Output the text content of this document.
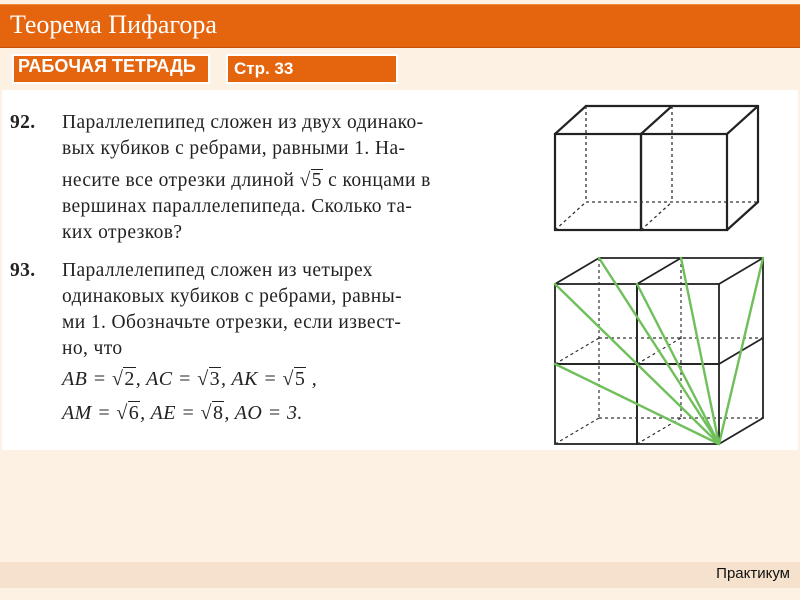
Теорема Пифагора
РАБОЧАЯ ТЕТРАДЬ	Стр. 33
92. Параллелепипед сложен из двух одинако-
вых кубиков с ребрами, равными 1. На-
несите все отрезки длиной √5 с концами в
вершинах параллелепипеда. Сколько та-
ких отрезков?
93. Параллелепипед сложен из четырех
одинаковых кубиков с ребрами, равны-
ми 1. Обозначьте отрезки, если извест-
но, что
AB = √2, AC = √3, AK = √5 ,
AM = √6, AE = √8, AO = 3.
Практикум
